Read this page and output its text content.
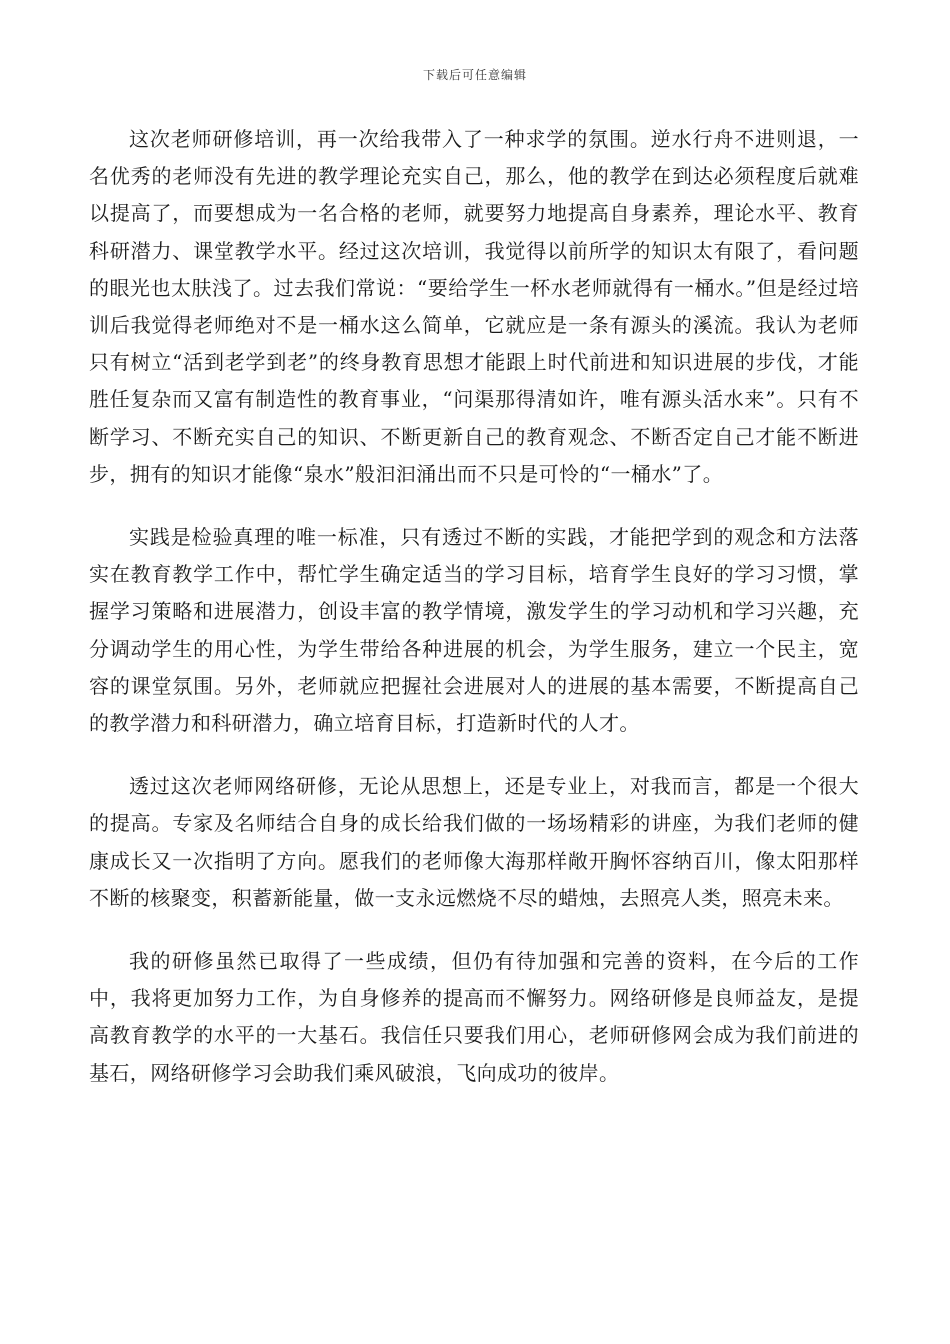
下载后可任意编辑

这次老师研修培训，再一次给我带入了一种求学的氛围。逆水行舟不进则退，一名优秀的老师没有先进的教学理论充实自己，那么，他的教学在到达必须程度后就难以提高了，而要想成为一名合格的老师，就要努力地提高自身素养，理论水平、教育科研潜力、课堂教学水平。经过这次培训，我觉得以前所学的知识太有限了，看问题的眼光也太肤浅了。过去我们常说：“要给学生一杯水老师就得有一桶水。”但是经过培训后我觉得老师绝对不是一桶水这么简单，它就应是一条有源头的溪流。我认为老师只有树立“活到老学到老”的终身教育思想才能跟上时代前进和知识进展的步伐，才能胜任复杂而又富有制造性的教育事业，“问渠那得清如许，唯有源头活水来”。只有不断学习、不断充实自己的知识、不断更新自己的教育观念、不断否定自己才能不断进步，拥有的知识才能像“泉水”般汩汩涌出而不只是可怜的“一桶水”了。

实践是检验真理的唯一标准，只有透过不断的实践，才能把学到的观念和方法落实在教育教学工作中，帮忙学生确定适当的学习目标，培育学生良好的学习习惯，掌握学习策略和进展潜力，创设丰富的教学情境，激发学生的学习动机和学习兴趣，充分调动学生的用心性，为学生带给各种进展的机会，为学生服务，建立一个民主，宽容的课堂氛围。另外，老师就应把握社会进展对人的进展的基本需要，不断提高自己的教学潜力和科研潜力，确立培育目标，打造新时代的人才。

透过这次老师网络研修，无论从思想上，还是专业上，对我而言，都是一个很大的提高。专家及名师结合自身的成长给我们做的一场场精彩的讲座，为我们老师的健康成长又一次指明了方向。愿我们的老师像大海那样敞开胸怀容纳百川，像太阳那样不断的核聚变，积蓄新能量，做一支永远燃烧不尽的蜡烛，去照亮人类，照亮未来。

我的研修虽然已取得了一些成绩，但仍有待加强和完善的资料，在今后的工作中，我将更加努力工作，为自身修养的提高而不懈努力。网络研修是良师益友，是提高教育教学的水平的一大基石。我信任只要我们用心，老师研修网会成为我们前进的基石，网络研修学习会助我们乘风破浪，飞向成功的彼岸。
